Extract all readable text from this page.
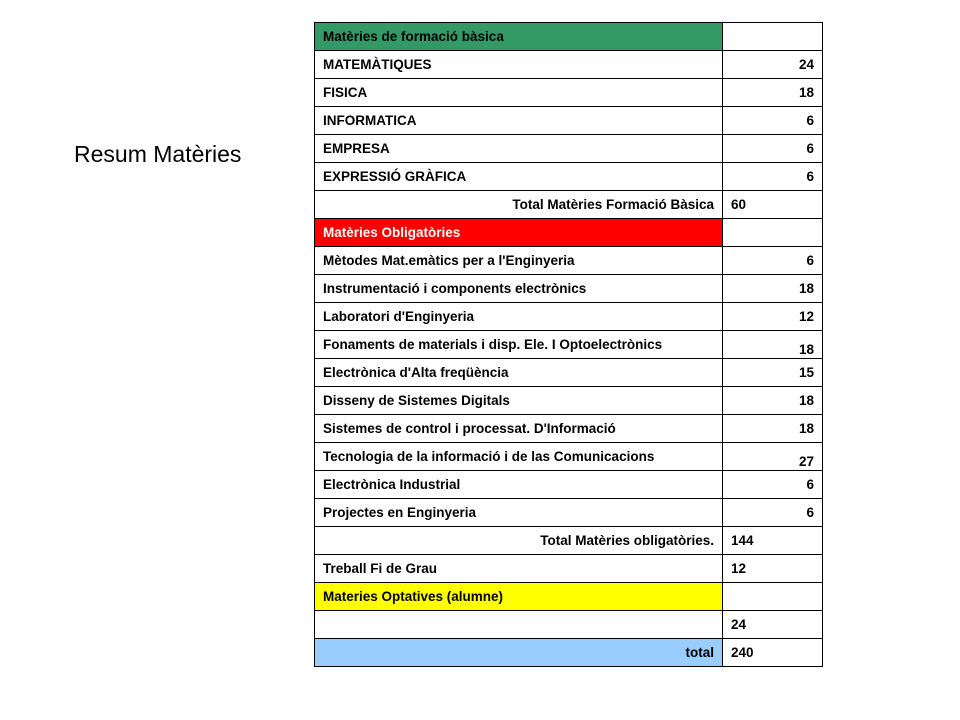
Resum Matèries
Matèries de formació bàsica	
MATEMÀTIQUES	24
FISICA	18
INFORMATICA	6
EMPRESA	6
EXPRESSIÓ GRÀFICA	6
Total Matèries Formació Bàsica	60
Matèries Obligatòries	
Mètodes Mat.emàtics per a l'Enginyeria	6
Instrumentació i components electrònics	18
Laboratori d'Enginyeria	12
Fonaments de materials i disp. Ele. I Optoelectrònics	18
Electrònica d'Alta freqüència	15
Disseny de Sistemes Digitals	18
Sistemes de control i processat. D'Informació	18
Tecnologia de la informació i de las Comunicacions	27
Electrònica Industrial	6
Projectes en Enginyeria	6
Total Matèries obligatòries.	144
Treball Fi de Grau	12
Materies Optatives (alumne)	
	24
total	240
